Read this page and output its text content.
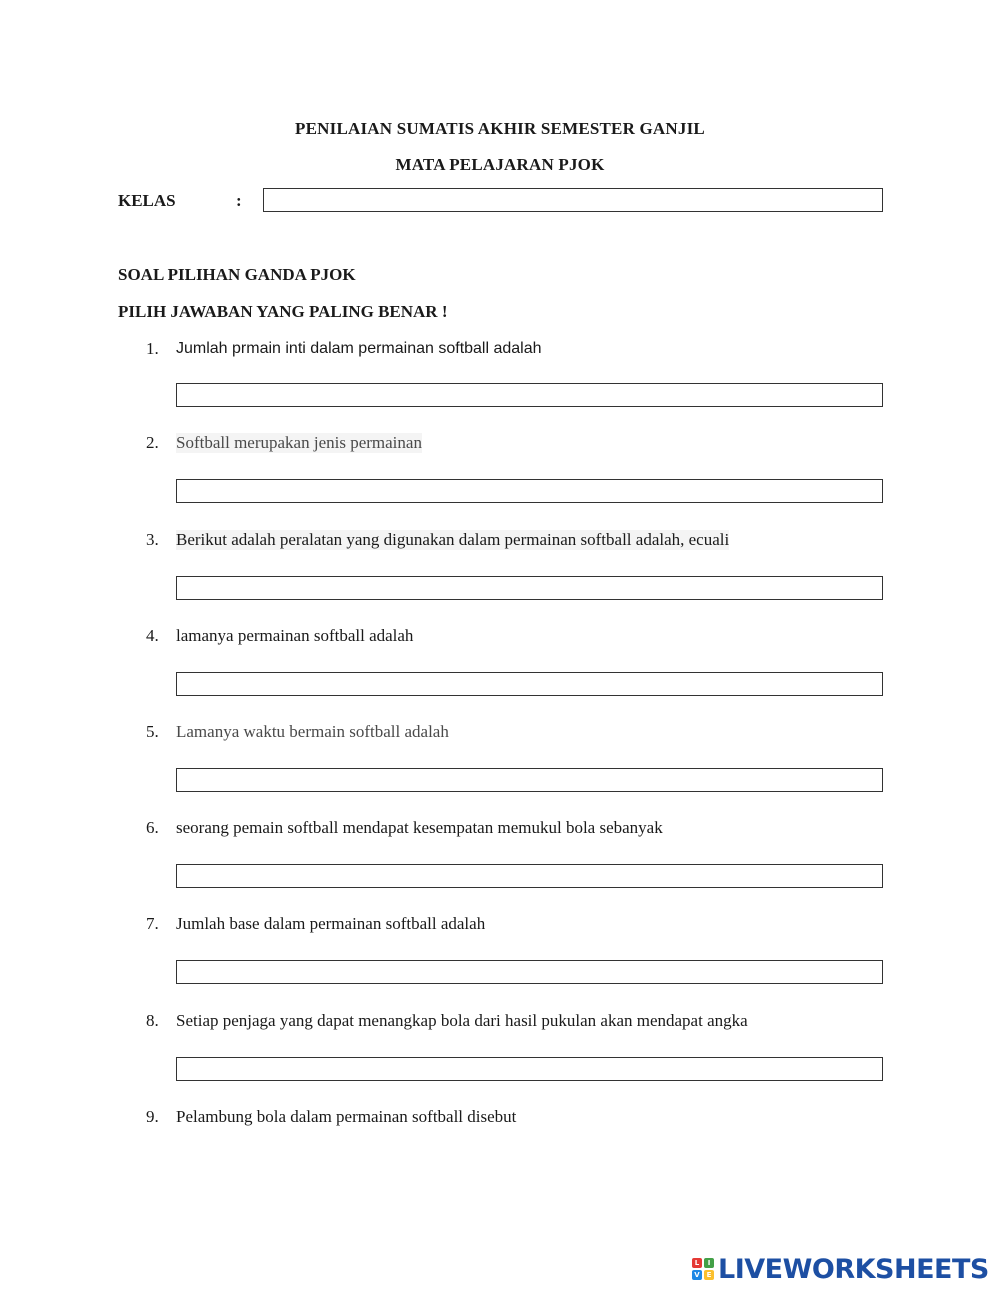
PENILAIAN SUMATIS AKHIR SEMESTER GANJIL
MATA PELAJARAN PJOK
KELAS	:
SOAL PILIHAN GANDA PJOK
PILIH JAWABAN YANG PALING BENAR !
1. Jumlah prmain inti dalam permainan softball adalah
2. Softball merupakan jenis permainan
3. Berikut adalah peralatan yang digunakan dalam permainan softball adalah, ecuali
4. lamanya permainan softball adalah
5. Lamanya waktu bermain softball adalah
6. seorang pemain softball mendapat kesempatan memukul bola sebanyak
7. Jumlah base dalam permainan softball adalah
8. Setiap penjaga yang dapat menangkap bola dari hasil pukulan akan mendapat angka
9. Pelambung bola dalam permainan softball disebut
L	I
V E LIVEWORKSHEETS
